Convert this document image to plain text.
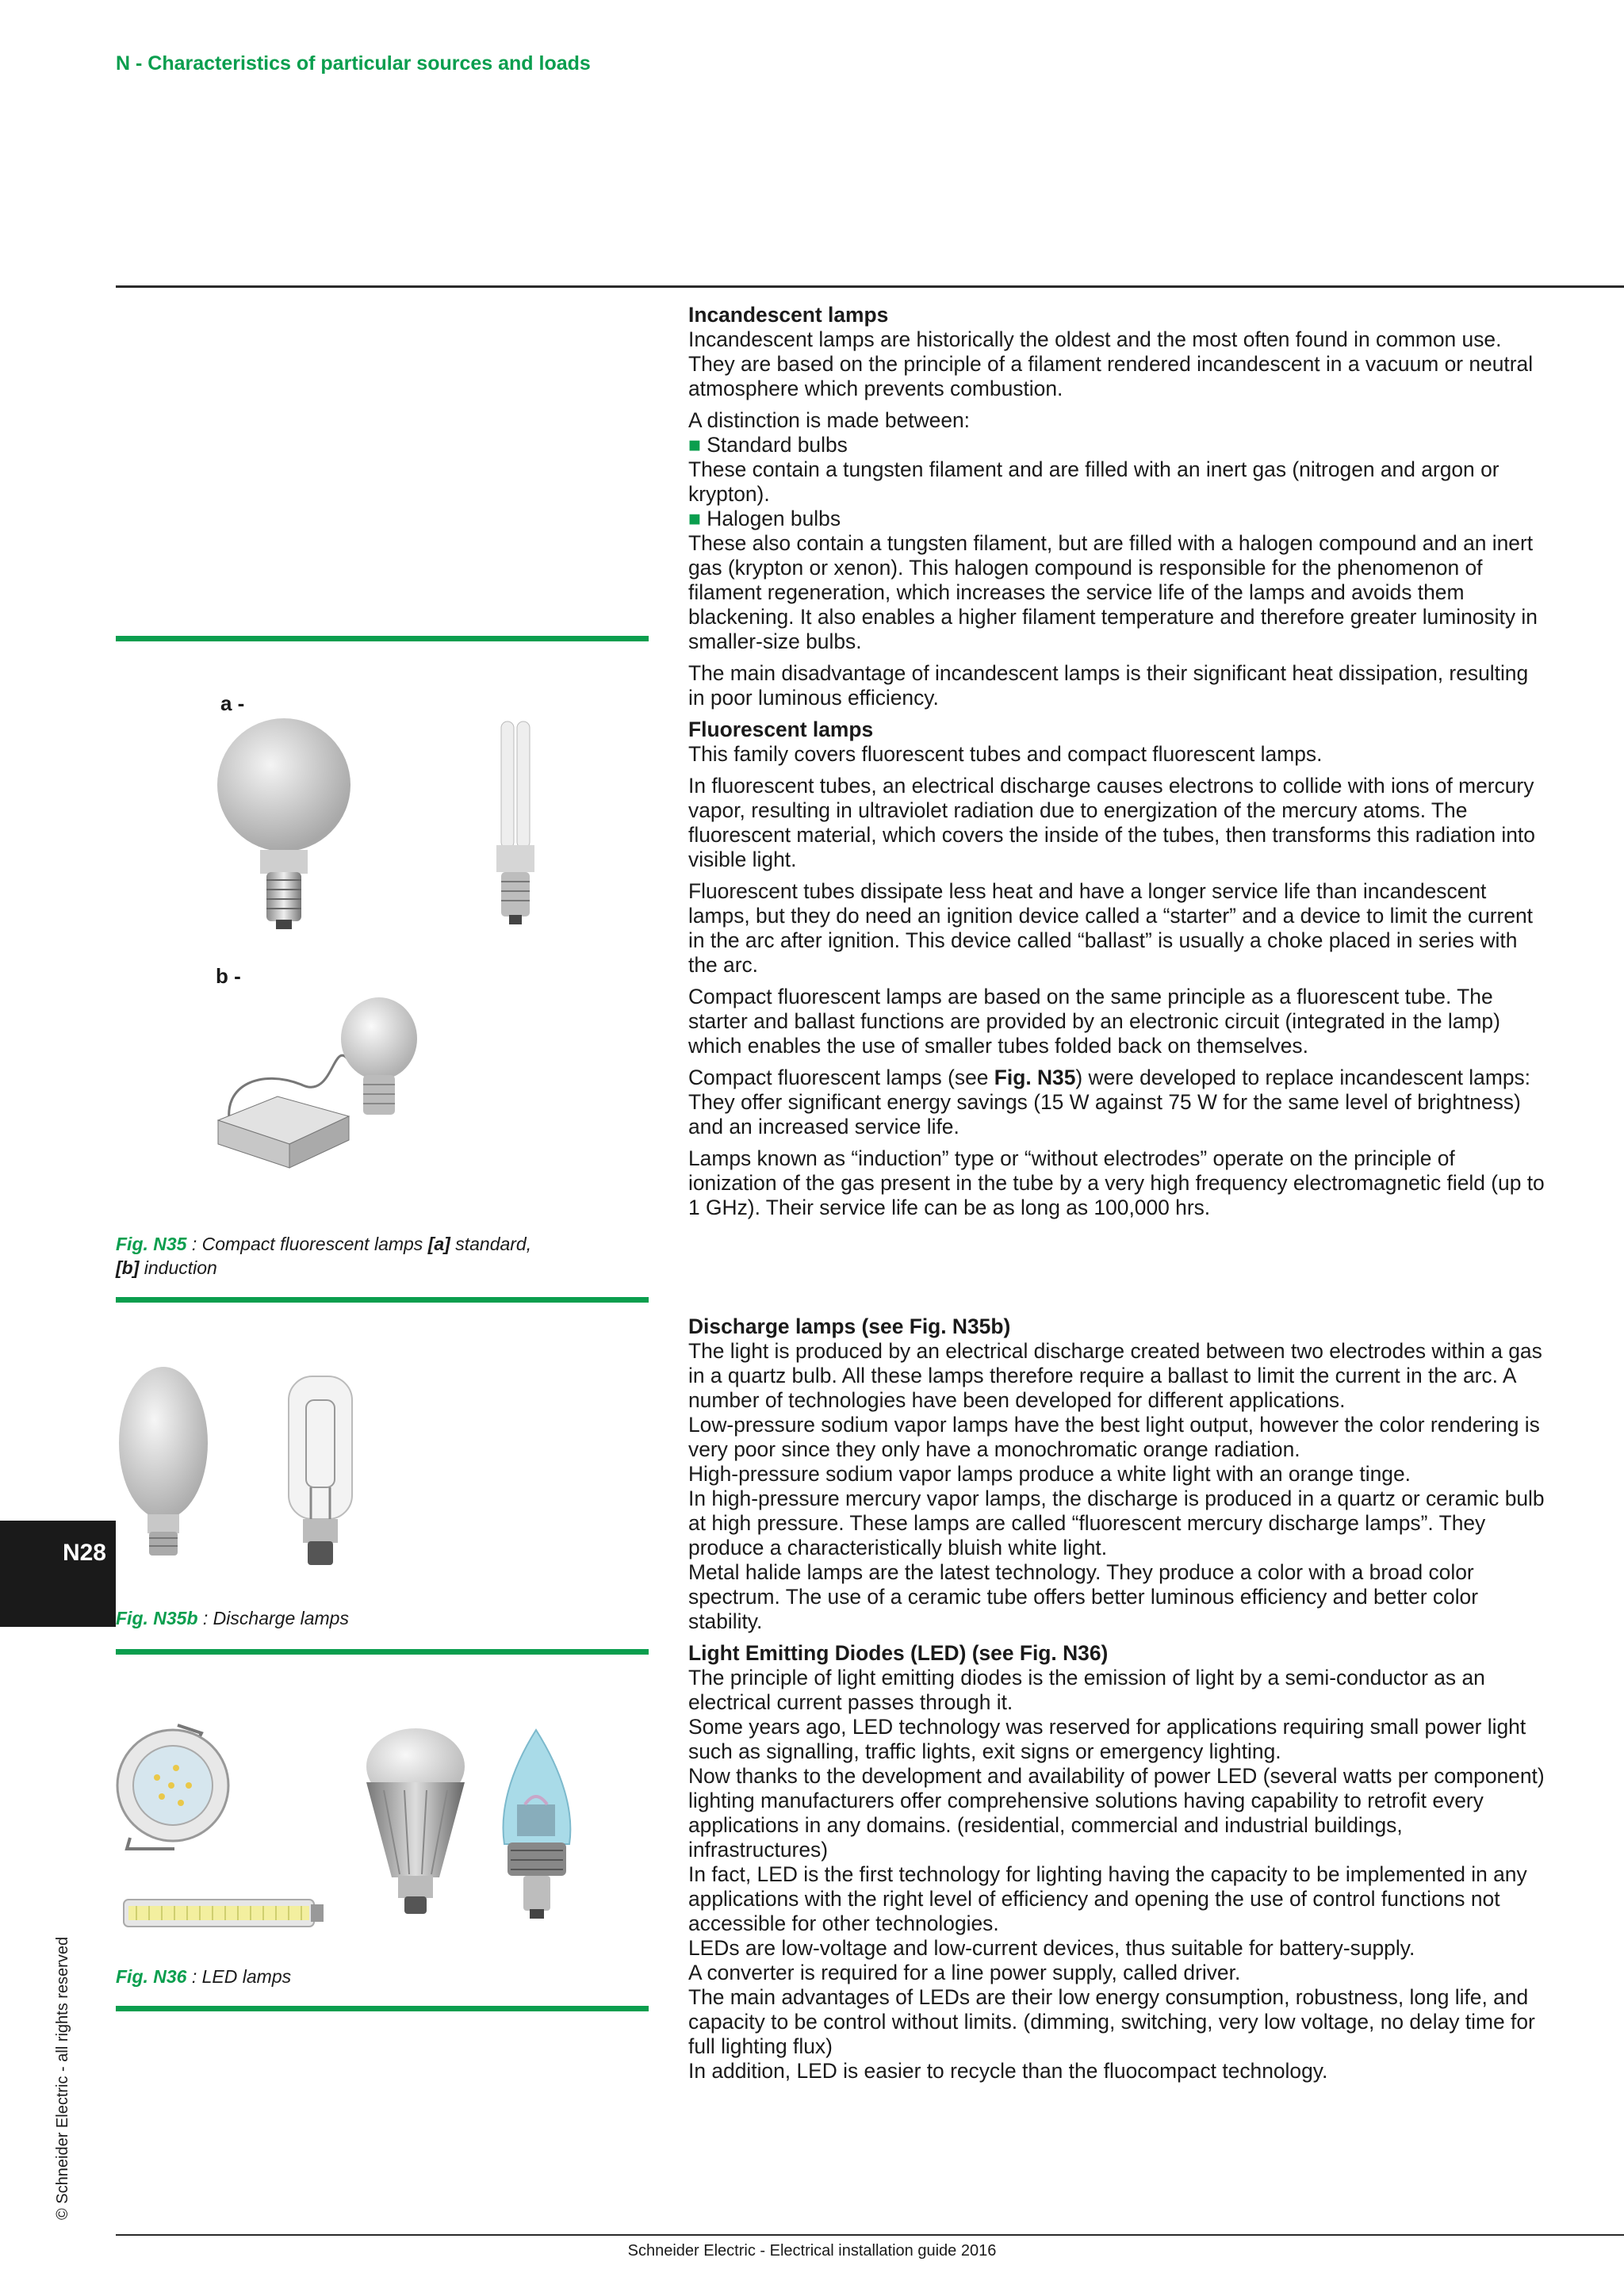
N - Characteristics of particular sources and loads
N28
© Schneider Electric - all rights reserved
a -
b -
Fig. N35 : Compact fluorescent lamps [a] standard,
[b] induction
Fig. N35b : Discharge lamps
Fig. N36 : LED lamps
Incandescent lamps

Incandescent lamps are historically the oldest and the most often found in common use.

They are based on the principle of a filament rendered incandescent in a vacuum or neutral atmosphere which prevents combustion.

A distinction is made between:

■ Standard bulbs

These contain a tungsten filament and are filled with an inert gas (nitrogen and argon or krypton).

■ Halogen bulbs

These also contain a tungsten filament, but are filled with a halogen compound and an inert gas (krypton or xenon). This halogen compound is responsible for the phenomenon of filament regeneration, which increases the service life of the lamps and avoids them blackening. It also enables a higher filament temperature and therefore greater luminosity in smaller-size bulbs.

The main disadvantage of incandescent lamps is their significant heat dissipation, resulting in poor luminous efficiency.

Fluorescent lamps

This family covers fluorescent tubes and compact fluorescent lamps.

In fluorescent tubes, an electrical discharge causes electrons to collide with ions of mercury vapor, resulting in ultraviolet radiation due to energization of the mercury atoms. The fluorescent material, which covers the inside of the tubes, then transforms this radiation into visible light.

Fluorescent tubes dissipate less heat and have a longer service life than incandescent lamps, but they do need an ignition device called a “starter” and a device to limit the current in the arc after ignition. This device called “ballast” is usually a choke placed in series with the arc.

Compact fluorescent lamps are based on the same principle as a fluorescent tube. The starter and ballast functions are provided by an electronic circuit (integrated in the lamp) which enables the use of smaller tubes folded back on themselves.

Compact fluorescent lamps (see Fig. N35) were developed to replace incandescent lamps: They offer significant energy savings (15 W against 75 W for the same level of brightness) and an increased service life.

Lamps known as “induction” type or “without electrodes” operate on the principle of ionization of the gas present in the tube by a very high frequency electromagnetic field (up to 1 GHz). Their service life can be as long as 100,000 hrs.

Discharge lamps (see Fig. N35b)

The light is produced by an electrical discharge created between two electrodes within a gas in a quartz bulb. All these lamps therefore require a ballast to limit the current in the arc. A number of technologies have been developed for different applications.

Low-pressure sodium vapor lamps have the best light output, however the color rendering is very poor since they only have a monochromatic orange radiation.

High-pressure sodium vapor lamps produce a white light with an orange tinge.

In high-pressure mercury vapor lamps, the discharge is produced in a quartz or ceramic bulb at high pressure. These lamps are called “fluorescent mercury discharge lamps”. They produce a characteristically bluish white light.

Metal halide lamps are the latest technology. They produce a color with a broad color spectrum. The use of a ceramic tube offers better luminous efficiency and better color stability.

Light Emitting Diodes (LED) (see Fig. N36)

The principle of light emitting diodes is the emission of light by a semi-conductor as an electrical current passes through it.

Some years ago, LED technology was reserved for applications requiring small power light such as signalling, traffic lights, exit signs or emergency lighting.

Now thanks to the development and availability of power LED (several watts per component) lighting manufacturers offer comprehensive solutions having capability to retrofit every applications in any domains. (residential, commercial and industrial buildings, infrastructures)

In fact, LED is the first technology for lighting having the capacity to be implemented in any applications with the right level of efficiency and opening the use of control functions not accessible for other technologies.

LEDs are low-voltage and low-current devices, thus suitable for battery-supply.

A converter is required for a line power supply, called driver.

The main advantages of LEDs are their low energy consumption, robustness, long life, and capacity to be control without limits. (dimming, switching, very low voltage, no delay time for full lighting flux)

In addition, LED is easier to recycle than the fluocompact technology.

Schneider Electric - Electrical installation guide 2016
